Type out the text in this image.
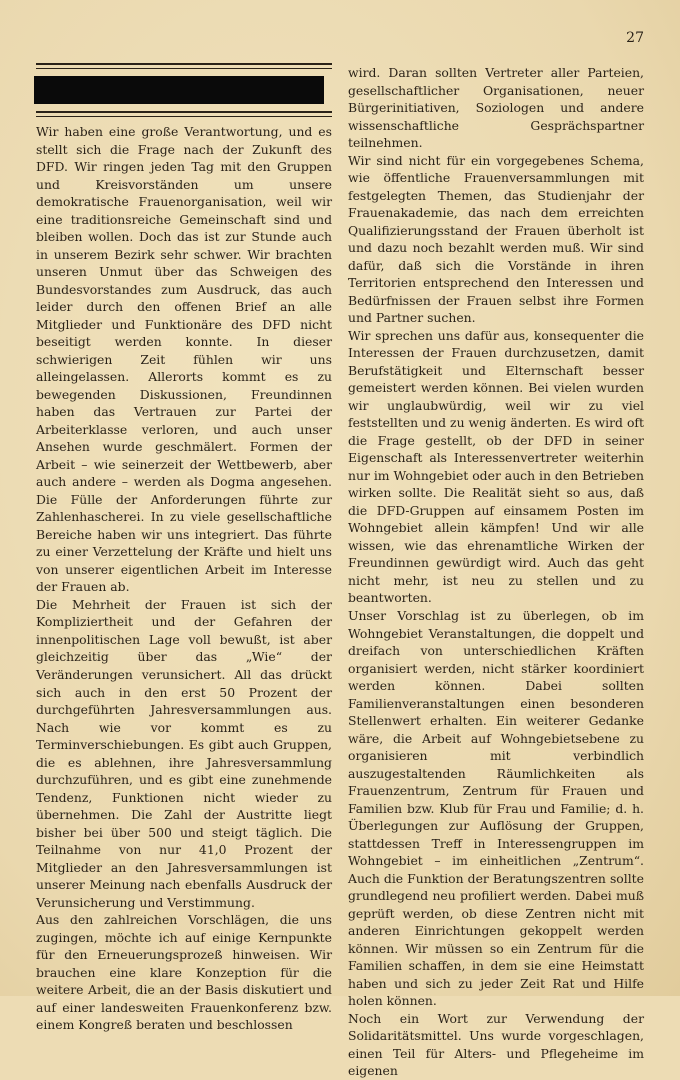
27

Wir haben eine große Verantwortung, und es stellt sich die Frage nach der Zukunft des DFD. Wir ringen jeden Tag mit den Gruppen und Kreisvorständen um unsere demokratische Frauenorganisation, weil wir eine traditionsreiche Gemeinschaft sind und bleiben wollen. Doch das ist zur Stunde auch in unserem Bezirk sehr schwer. Wir brachten unseren Unmut über das Schweigen des Bundesvorstandes zum Ausdruck, das auch leider durch den offenen Brief an alle Mitglieder und Funktionäre des DFD nicht beseitigt werden konnte. In dieser schwierigen Zeit fühlen wir uns alleingelassen. Allerorts kommt es zu bewegenden Diskussionen, Freundinnen haben das Vertrauen zur Partei der Arbeiterklasse verloren, und auch unser Ansehen wurde geschmälert. Formen der Arbeit – wie seinerzeit der Wettbewerb, aber auch andere – werden als Dogma angesehen. Die Fülle der Anforderungen führte zur Zahlenhascherei. In zu viele gesellschaftliche Bereiche haben wir uns integriert. Das führte zu einer Verzettelung der Kräfte und hielt uns von unserer eigentlichen Arbeit im Interesse der Frauen ab.

Die Mehrheit der Frauen ist sich der Kompliziertheit und der Gefahren der innenpolitischen Lage voll bewußt, ist aber gleichzeitig über das „Wie“ der Veränderungen verunsichert. All das drückt sich auch in den erst 50 Prozent der durchgeführten Jahresversammlungen aus. Nach wie vor kommt es zu Terminverschiebungen. Es gibt auch Gruppen, die es ablehnen, ihre Jahresversammlung durchzuführen, und es gibt eine zunehmende Tendenz, Funktionen nicht wieder zu übernehmen. Die Zahl der Austritte liegt bisher bei über 500 und steigt täglich. Die Teilnahme von nur 41,0 Prozent der Mitglieder an den Jahresversammlungen ist unserer Meinung nach ebenfalls Ausdruck der Verunsicherung und Verstimmung.

Aus den zahlreichen Vorschlägen, die uns zugingen, möchte ich auf einige Kernpunkte für den Erneuerungsprozeß hinweisen. Wir brauchen eine klare Konzeption für die weitere Arbeit, die an der Basis diskutiert und auf einer landesweiten Frauenkonferenz bzw. einem Kongreß beraten und beschlossen

wird. Daran sollten Vertreter aller Parteien, gesellschaftlicher Organisationen, neuer Bürgerinitiativen, Soziologen und andere wissenschaftliche Gesprächspartner teilnehmen.

Wir sind nicht für ein vorgegebenes Schema, wie öffentliche Frauenversammlungen mit festgelegten Themen, das Studienjahr der Frauenakademie, das nach dem erreichten Qualifizierungsstand der Frauen überholt ist und dazu noch bezahlt werden muß. Wir sind dafür, daß sich die Vorstände in ihren Territorien entsprechend den Interessen und Bedürfnissen der Frauen selbst ihre Formen und Partner suchen.

Wir sprechen uns dafür aus, konsequenter die Interessen der Frauen durchzusetzen, damit Berufstätigkeit und Elternschaft besser gemeistert werden können. Bei vielen wurden wir unglaubwürdig, weil wir zu viel feststellten und zu wenig änderten. Es wird oft die Frage gestellt, ob der DFD in seiner Eigenschaft als Interessenvertreter weiterhin nur im Wohngebiet oder auch in den Betrieben wirken sollte. Die Realität sieht so aus, daß die DFD-Gruppen auf einsamem Posten im Wohngebiet allein kämpfen! Und wir alle wissen, wie das ehrenamtliche Wirken der Freundinnen gewürdigt wird. Auch das geht nicht mehr, ist neu zu stellen und zu beantworten.

Unser Vorschlag ist zu überlegen, ob im Wohngebiet Veranstaltungen, die doppelt und dreifach von unterschiedlichen Kräften organisiert werden, nicht stärker koordiniert werden können. Dabei sollten Familienveranstaltungen einen besonderen Stellenwert erhalten. Ein weiterer Gedanke wäre, die Arbeit auf Wohngebietsebene zu organisieren mit verbindlich auszugestaltenden Räumlichkeiten als Frauenzentrum, Zentrum für Frauen und Familien bzw. Klub für Frau und Familie; d. h. Überlegungen zur Auflösung der Gruppen, stattdessen Treff in Interessengruppen im Wohngebiet – im einheitlichen „Zentrum“. Auch die Funktion der Beratungszentren sollte grundlegend neu profiliert werden. Dabei muß geprüft werden, ob diese Zentren nicht mit anderen Einrichtungen gekoppelt werden können. Wir müssen so ein Zentrum für die Familien schaffen, in dem sie eine Heimstatt haben und sich zu jeder Zeit Rat und Hilfe holen können.

Noch ein Wort zur Verwendung der Solidaritätsmittel. Uns wurde vorgeschlagen, einen Teil für Alters- und Pflegeheime im eigenen
